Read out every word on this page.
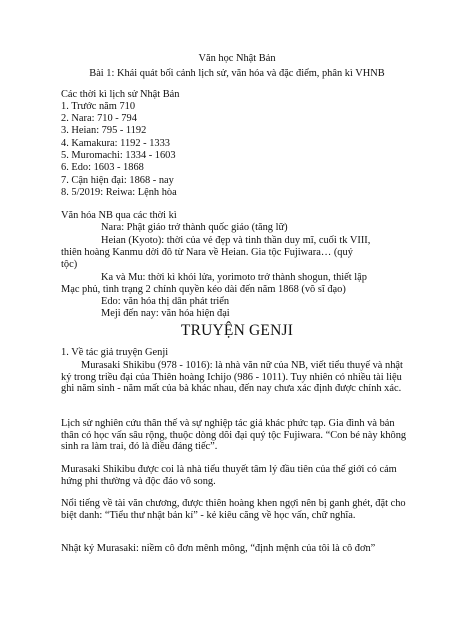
Văn học Nhật Bản
Bài 1: Khái quát bối cảnh lịch sử, văn hóa và đặc điểm, phân kì VHNB
Các thời kì lịch sử Nhật Bản
1. Trước năm 710
2. Nara: 710 - 794
3. Heian: 795 - 1192
4. Kamakura: 1192 - 1333
5. Muromachi: 1334 - 1603
6. Edo: 1603 - 1868
7. Cận hiện đại: 1868 - nay
8. 5/2019: Reiwa: Lệnh hòa
Văn hóa NB qua các thời kì
Nara: Phật giáo trở thành quốc giáo (tăng lữ)
Heian (Kyoto): thời của vẻ đẹp và tinh thần duy mĩ, cuối tk VIII,
thiên hoàng Kanmu dời đô từ Nara về Heian. Gia tộc Fujiwara… (quý
tộc)
Ka và Mu: thời kì khói lửa, yorimoto trở thành shogun, thiết lập
Mạc phủ, tình trạng 2 chính quyền kéo dài đến năm 1868 (võ sĩ đạo)
Edo: văn hóa thị dân phát triển
Meji đến nay: văn hóa hiện đại
TRUYỆN GENJI
1. Về tác giả truyện Genji
Murasaki Shikibu (978 - 1016): là nhà văn nữ của NB, viết tiểu thuyế và nhật ký trong triều đại của Thiên hoàng Ichijo (986 - 1011). Tuy nhiên có nhiều tài liệu ghi năm sinh - năm mất của bà khác nhau, đến nay chưa xác định được chính xác.
Lịch sử nghiên cứu thân thế và sự nghiệp tác giả khác phức tạp. Gia đình và bản thân có học vấn sâu rộng, thuộc dòng dõi đại quý tộc Fujiwara. “Con bé này không sinh ra làm trai, đó là điều đáng tiếc”.
Murasaki Shikibu được coi là nhà tiểu thuyết tâm lý đầu tiên của thế giới có cảm hứng phi thường và độc đáo vô song.
Nổi tiếng về tài văn chương, được thiên hoàng khen ngợi nên bị ganh ghét, đặt cho biệt danh: “Tiểu thư nhật bản kí” - kẻ kiêu căng về học vấn, chữ nghĩa.
Nhật ký Murasaki: niềm cô đơn mênh mông, “định mệnh của tôi là cô đơn”
